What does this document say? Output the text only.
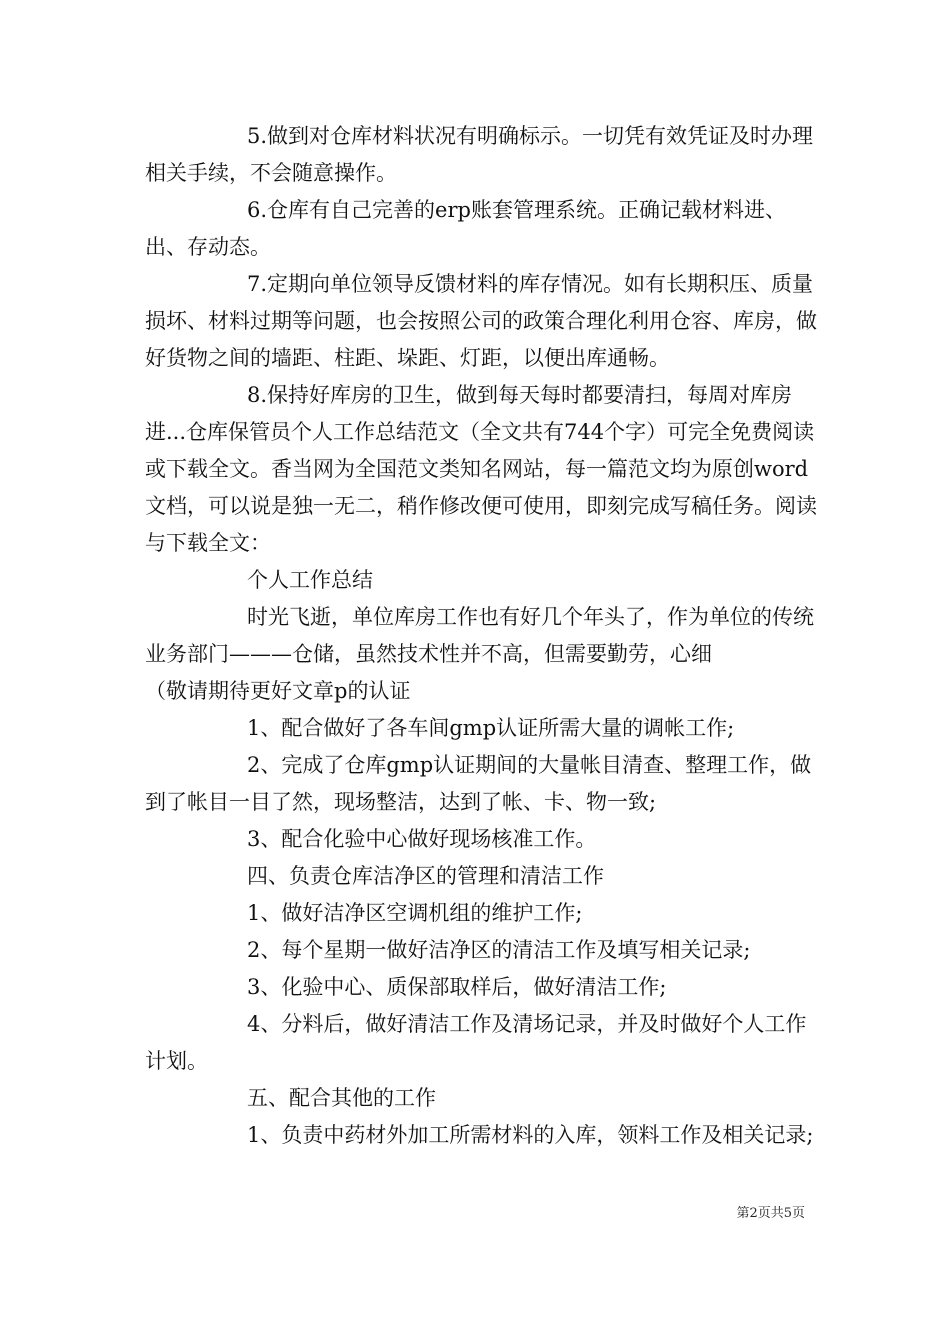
5.做到对仓库材料状况有明确标示。一切凭有效凭证及时办理相关手续，不会随意操作。

6.仓库有自己完善的erp账套管理系统。正确记载材料进、出、存动态。

7.定期向单位领导反馈材料的库存情况。如有长期积压、质量损坏、材料过期等问题，也会按照公司的政策合理化利用仓容、库房，做好货物之间的墙距、柱距、垛距、灯距，以便出库通畅。

8.保持好库房的卫生，做到每天每时都要清扫，每周对库房进...仓库保管员个人工作总结范文（全文共有744个字）可完全免费阅读或下载全文。香当网为全国范文类知名网站，每一篇范文均为原创word文档，可以说是独一无二，稍作修改便可使用，即刻完成写稿任务。阅读与下载全文：

个人工作总结

时光飞逝，单位库房工作也有好几个年头了，作为单位的传统业务部门———仓储，虽然技术性并不高，但需要勤劳，心细

（敬请期待更好文章p的认证

1、配合做好了各车间gmp认证所需大量的调帐工作;

2、完成了仓库gmp认证期间的大量帐目清查、整理工作，做到了帐目一目了然，现场整洁，达到了帐、卡、物一致;

3、配合化验中心做好现场核准工作。

四、负责仓库洁净区的管理和清洁工作

1、做好洁净区空调机组的维护工作;

2、每个星期一做好洁净区的清洁工作及填写相关记录;

3、化验中心、质保部取样后，做好清洁工作;

4、分料后，做好清洁工作及清场记录，并及时做好个人工作计划。

五、配合其他的工作

1、负责中药材外加工所需材料的入库，领料工作及相关记录;

第2页共5页
